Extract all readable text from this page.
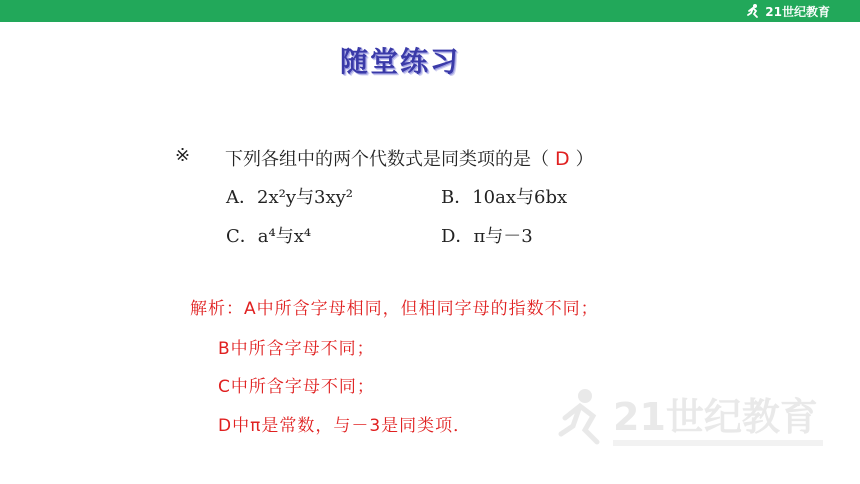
21世纪教育
随堂练习
※ 下列各组中的两个代数式是同类项的是（ D ）
A．2x²y与3xy²	B．10ax与6bx
C．a⁴与x⁴	D．π与－3
解析：A中所含字母相同，但相同字母的指数不同；
B中所含字母不同；
C中所含字母不同；
D中π是常数，与－3是同类项．	21世纪教育
